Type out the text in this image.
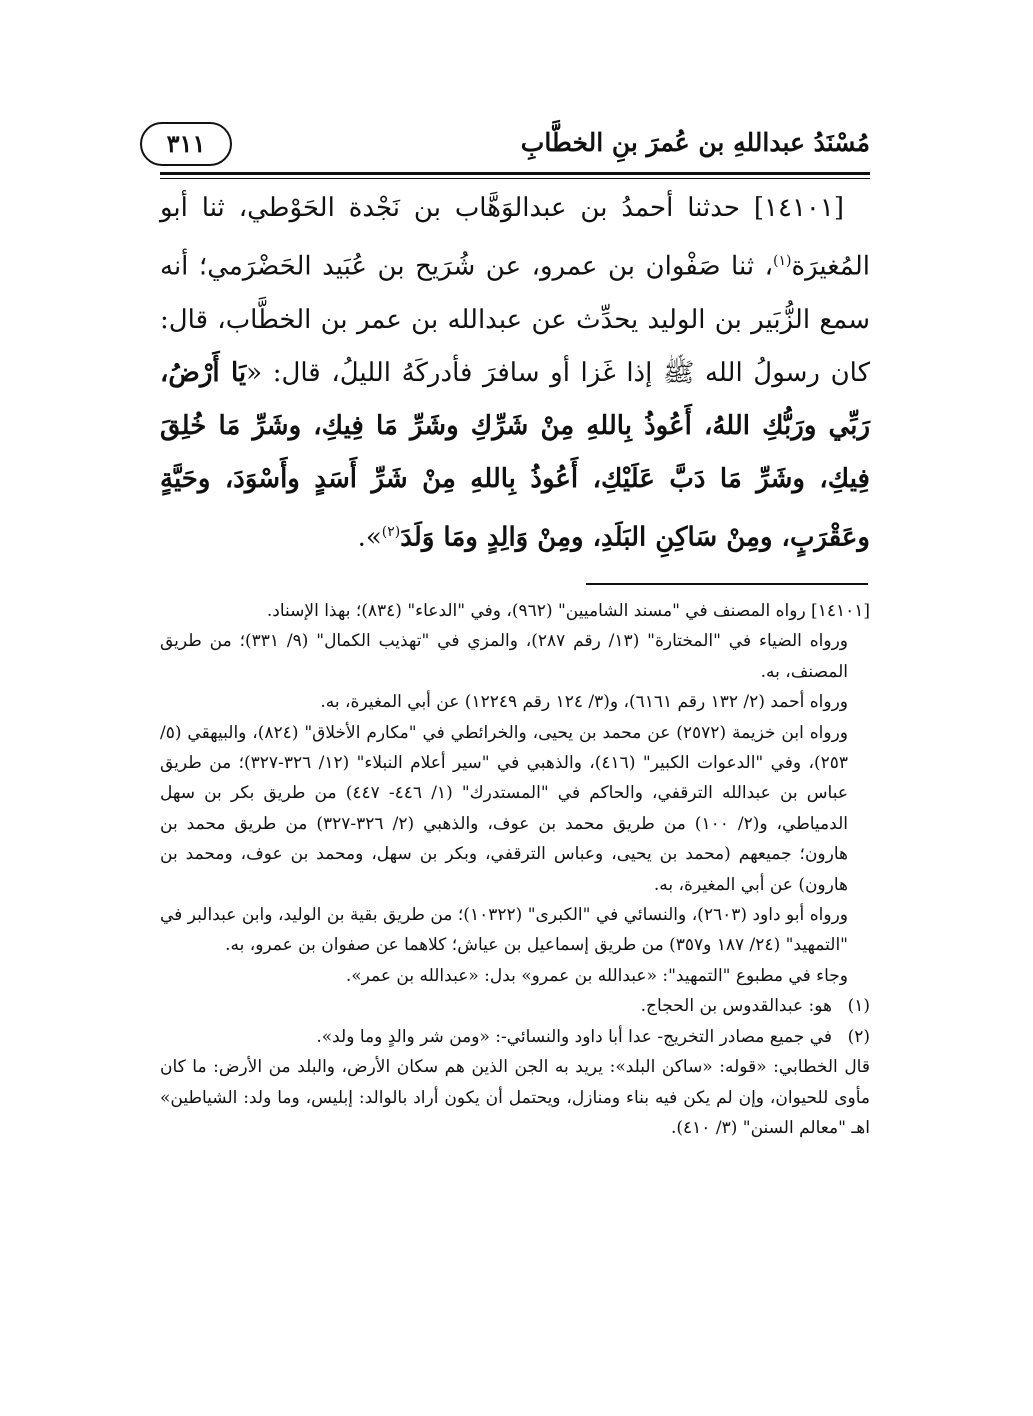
مُسْنَدُ عبداللهِ بن عُمرَ بنِ الخطَّابِ
٣١١

 [١٤١٠١] حدثنا أحمدُ بن عبدالوَهَّاب بن نَجْدة الحَوْطي، ثنا أبو المُغيرَة$^{(١)}$، ثنا صَفْوان بن عمرو، عن شُرَيح بن عُبَيد الحَضْرَمي؛ أنه سمع الزُّبَير بن الوليد يحدِّث عن عبدالله بن عمر بن الخطَّاب، قال: كان رسولُ الله ﷺ إذا غَزا أو سافرَ فأدركَهُ الليلُ، قال: «يَا أَرْضُ، رَبِّي ورَبُّكِ اللهُ، أَعُوذُ بِاللهِ مِنْ شَرِّكِ وشَرِّ مَا فِيكِ، وشَرِّ مَا خُلِقَ فِيكِ، وشَرِّ مَا دَبَّ عَلَيْكِ، أَعُوذُ بِاللهِ مِنْ شَرِّ أَسَدٍ وأَسْوَدَ، وحَيَّةٍ وعَقْرَبٍ، ومِنْ سَاكِنِ البَلَدِ، ومِنْ وَالِدٍ ومَا وَلَدَ$^{(٢)}$».

[١٤١٠١] رواه المصنف في "مسند الشاميين" (٩٦٢)، وفي "الدعاء" (٨٣٤)؛ بهذا الإسناد.

ورواه الضياء في "المختارة" (١٣/ رقم ٢٨٧)، والمزي في "تهذيب الكمال" (٩/ ٣٣١)؛ من طريق المصنف، به.

ورواه أحمد (٢/ ١٣٢ رقم ٦١٦١)، و(٣/ ١٢٤ رقم ١٢٢٤٩) عن أبي المغيرة، به.

ورواه ابن خزيمة (٢٥٧٢) عن محمد بن يحيى، والخرائطي في "مكارم الأخلاق" (٨٢٤)، والبيهقي (٥/ ٢٥٣)، وفي "الدعوات الكبير" (٤١٦)، والذهبي في "سير أعلام النبلاء" (١٢/ ٣٢٦-٣٢٧)؛ من طريق عباس بن عبدالله الترقفي، والحاكم في "المستدرك" (١/ ٤٤٦- ٤٤٧) من طريق بكر بن سهل الدمياطي، و(٢/ ١٠٠) من طريق محمد بن عوف، والذهبي (٢/ ٣٢٦-٣٢٧) من طريق محمد بن هارون؛ جميعهم (محمد بن يحيى، وعباس الترقفي، وبكر بن سهل، ومحمد بن عوف، ومحمد بن هارون) عن أبي المغيرة، به.

ورواه أبو داود (٢٦٠٣)، والنسائي في "الكبرى" (١٠٣٢٢)؛ من طريق بقية بن الوليد، وابن عبدالبر في "التمهيد" (٢٤/ ١٨٧ و٣٥٧) من طريق إسماعيل بن عياش؛ كلاهما عن صفوان بن عمرو، به.

وجاء في مطبوع "التمهيد": «عبدالله بن عمرو» بدل: «عبدالله بن عمر».

(١)
هو: عبدالقدوس بن الحجاج.
(٢)
في جميع مصادر التخريج- عدا أبا داود والنسائي-: «ومن شر والدٍ وما ولد».

قال الخطابي: «قوله: «ساكن البلد»: يريد به الجن الذين هم سكان الأرض، والبلد من الأرض: ما كان مأوى للحيوان، وإن لم يكن فيه بناء ومنازل، ويحتمل أن يكون أراد بالوالد: إبليس، وما ولد: الشياطين» اهـ "معالم السنن" (٣/ ٤١٠).
